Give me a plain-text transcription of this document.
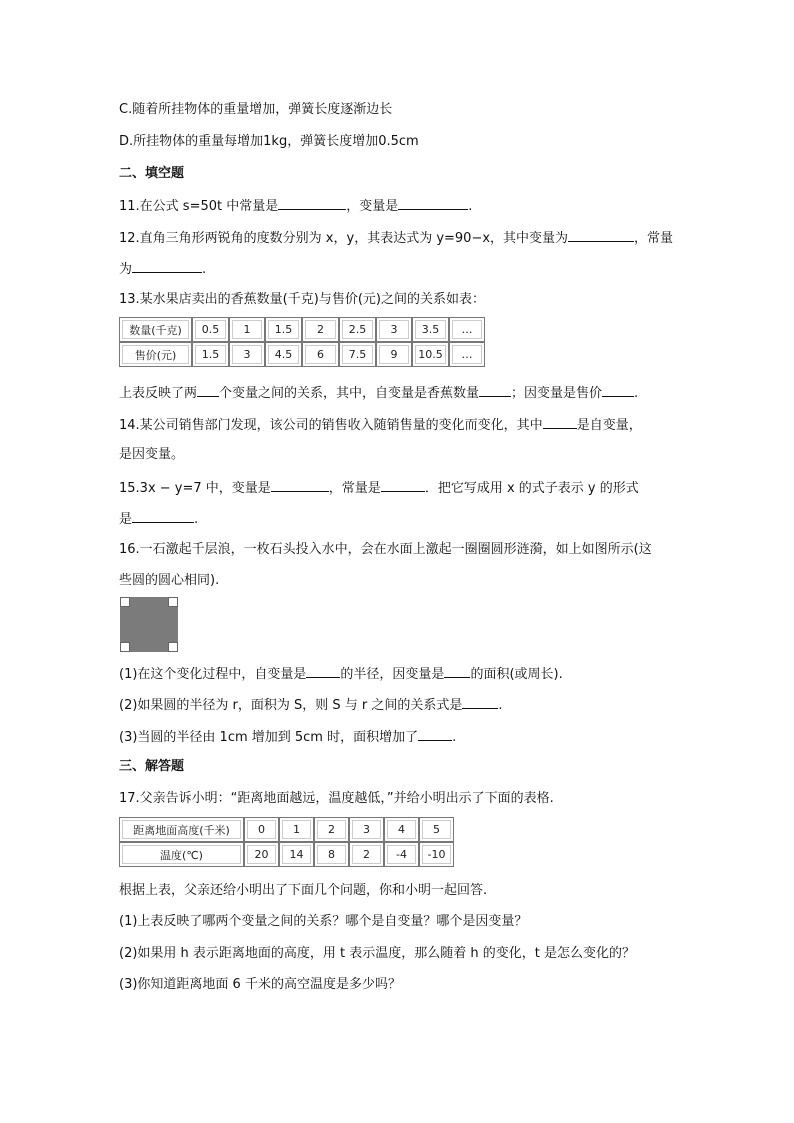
C.随着所挂物体的重量增加，弹簧长度逐渐边长
D.所挂物体的重量每增加1kg，弹簧长度增加0.5cm
二、填空题
11.在公式 s=50t 中常量是	，变量是	.
12.直角三角形两锐角的度数分别为 x，y，其表达式为 y=90−x，其中变量为	，常量
为	.
13.某水果店卖出的香蕉数量(千克)与售价(元)之间的关系如表：
数量(千克)	0.5	1	1.5	2	2.5	3	3.5	…
售价(元)	1.5	3	4.5	6	7.5	9	10.5	…
上表反映了两 个变量之间的关系，其中，自变量是香蕉数量 ；因变量是售价 .
14.某公司销售部门发现，该公司的销售收入随销售量的变化而变化，其中	是自变量，
是因变量。
15.3x − y=7 中，变量是	，常量是	．把它写成用 x 的式子表示 y 的形式
是	.
16.一石激起千层浪，一枚石头投入水中，会在水面上激起一圈圈圆形涟漪，如上如图所示(这
些圆的圆心相同).
(1)在这个变化过程中，自变量是	的半径，因变量是 的面积(或周长).
(2)如果圆的半径为 r，面积为 S，则 S 与 r 之间的关系式是	.
(3)当圆的半径由 1cm 增加到 5cm 时，面积增加了	.
三、解答题
17.父亲告诉小明：“距离地面越远，温度越低，”并给小明出示了下面的表格.
距离地面高度(千米)	0	1	2	3	4	5
温度(℃)	20	14	8	2	-4	-10
根据上表，父亲还给小明出了下面几个问题，你和小明一起回答.
(1)上表反映了哪两个变量之间的关系？哪个是自变量？哪个是因变量？
(2)如果用 h 表示距离地面的高度，用 t 表示温度，那么随着 h 的变化，t 是怎么变化的？
(3)你知道距离地面 6 千米的高空温度是多少吗？
